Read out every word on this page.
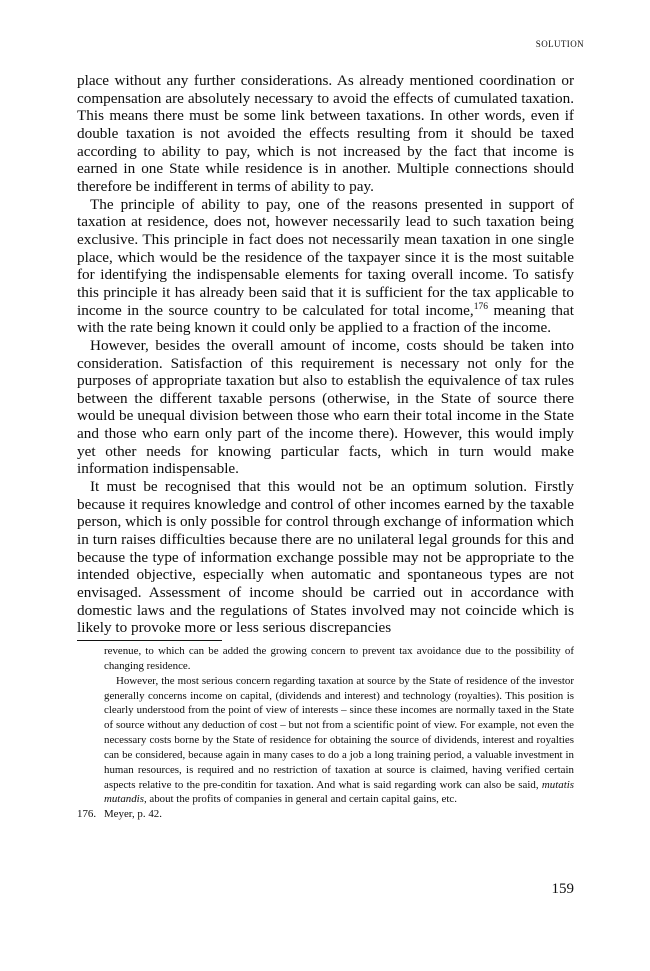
SOLUTION

place without any further considerations. As already mentioned coordination or compensation are absolutely necessary to avoid the effects of cumulated taxation. This means there must be some link between taxations. In other words, even if double taxation is not avoided the effects resulting from it should be taxed according to ability to pay, which is not increased by the fact that income is earned in one State while residence is in another. Multiple connections should therefore be indifferent in terms of ability to pay.

The principle of ability to pay, one of the reasons presented in support of taxation at residence, does not, however necessarily lead to such taxation being exclusive. This principle in fact does not necessarily mean taxation in one single place, which would be the residence of the taxpayer since it is the most suitable for identifying the indispensable elements for taxing overall income. To satisfy this principle it has already been said that it is sufficient for the tax applicable to income in the source country to be calculated for total income,$^{176}$ meaning that with the rate being known it could only be applied to a fraction of the income.

However, besides the overall amount of income, costs should be taken into consideration. Satisfaction of this requirement is necessary not only for the purposes of appropriate taxation but also to establish the equivalence of tax rules between the different taxable persons (otherwise, in the State of source there would be unequal division between those who earn their total income in the State and those who earn only part of the income there). However, this would imply yet other needs for knowing particular facts, which in turn would make information indispensable.

It must be recognised that this would not be an optimum solution. Firstly because it requires knowledge and control of other incomes earned by the taxable person, which is only possible for control through exchange of information which in turn raises difficulties because there are no unilateral legal grounds for this and because the type of information exchange possible may not be appropriate to the intended objective, especially when automatic and spontaneous types are not envisaged. Assessment of income should be carried out in accordance with domestic laws and the regulations of States involved may not coincide which is likely to provoke more or less serious discrepancies

revenue, to which can be added the growing concern to prevent tax avoidance due to the possibility of changing residence.

However, the most serious concern regarding taxation at source by the State of residence of the investor generally concerns income on capital, (dividends and interest) and technology (royalties). This position is clearly understood from the point of view of interests – since these incomes are normally taxed in the State of source without any deduction of cost – but not from a scientific point of view. For example, not even the necessary costs borne by the State of residence for obtaining the source of dividends, interest and royalties can be considered, because again in many cases to do a job a long training period, a valuable investment in human resources, is required and no restriction of taxation at source is claimed, having verified certain aspects relative to the pre-conditin for taxation. And what is said regarding work can also be said, mutatis mutandis, about the profits of companies in general and certain capital gains, etc.

176. Meyer, p. 42.

159
